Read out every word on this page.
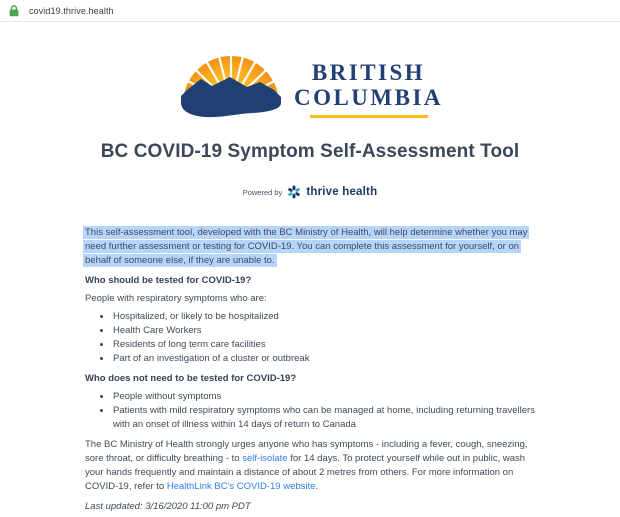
covid19.thrive.health
BRITISH
COLUMBIA
BC COVID-19 Symptom Self-Assessment Tool
Powered by thrive health

This self-assessment tool, developed with the BC Ministry of Health, will help determine whether you may need further assessment or testing for COVID-19. You can complete this assessment for yourself, or on behalf of someone else, if they are unable to.

Who should be tested for COVID-19?

People with respiratory symptoms who are:

• Hospitalized, or likely to be hospitalized
• Health Care Workers
• Residents of long term care facilities
• Part of an investigation of a cluster or outbreak
Who does not need to be tested for COVID-19?
• People without symptoms
• Patients with mild respiratory symptoms who can be managed at home, including returning travellers with an onset of illness within 14 days of return to Canada

The BC Ministry of Health strongly urges anyone who has symptoms - including a fever, cough, sneezing, sore throat, or difficulty breathing - to self-isolate for 14 days. To protect yourself while out in public, wash your hands frequently and maintain a distance of about 2 metres from others. For more information on COVID-19, refer to HealthLink BC's COVID-19 website.

Last updated: 3/16/2020 11:00 pm PDT
